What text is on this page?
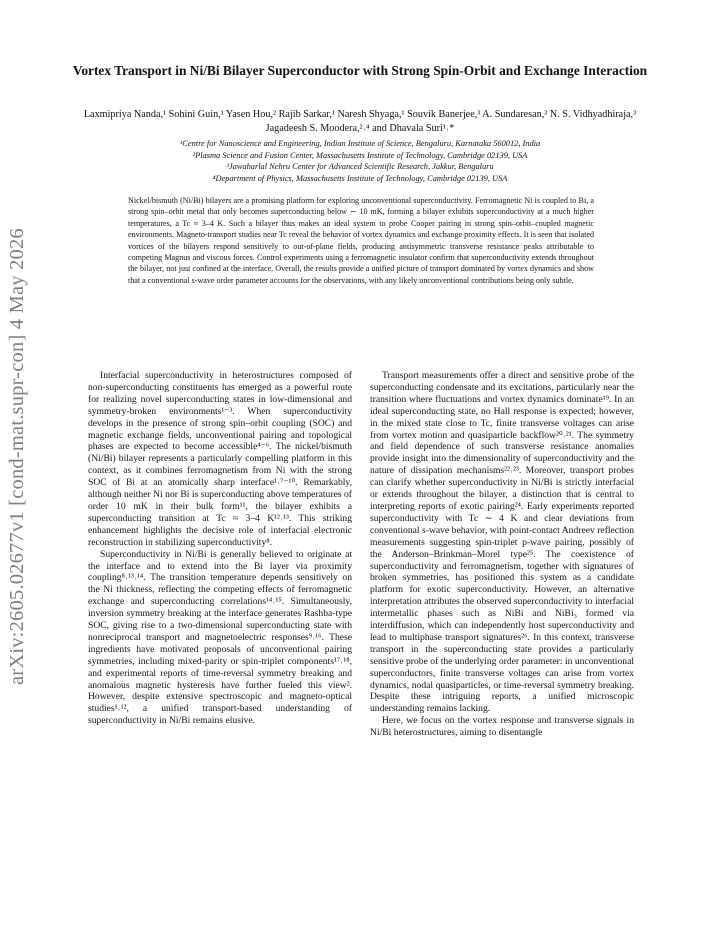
arXiv:2605.02677v1 [cond-mat.supr-con] 4 May 2026
Vortex Transport in Ni/Bi Bilayer Superconductor with Strong Spin-Orbit and Exchange Interaction
Laxmipriya Nanda,¹ Sohini Guin,¹ Yasen Hou,² Rajib Sarkar,¹ Naresh Shyaga,¹ Souvik Banerjee,³ A. Sundaresan,³ N. S. Vidhyadhiraja,³ Jagadeesh S. Moodera,²˒⁴ and Dhavala Suri¹˒*
¹Centre for Nanoscience and Engineering, Indian Institute of Science, Bengaluru, Karnataka 560012, India
²Plasma Science and Fusion Center, Massachusetts Institute of Technology, Cambridge 02139, USA
³Jawaharlal Nehru Center for Advanced Scientific Research, Jakkur, Bengaluru
⁴Department of Physics, Massachusetts Institute of Technology, Cambridge 02139, USA
Nickel/bismuth (Ni/Bi) bilayers are a promising platform for exploring unconventional superconductivity. Ferromagnetic Ni is coupled to Bi, a strong spin–orbit metal that only becomes superconducting below ∼ 10 mK, forming a bilayer exhibits superconductivity at a much higher temperatures, a Tc ≈ 3–4 K. Such a bilayer thus makes an ideal system to probe Cooper pairing in strong spin–orbit–coupled magnetic environments. Magneto-transport studies near Tc reveal the behavior of vortex dynamics and exchange proximity effects. It is seen that isolated vortices of the bilayers respond sensitively to out-of-plane fields, producing antisymmetric transverse resistance peaks attributable to competing Magnus and viscous forces. Control experiments using a ferromagnetic insulator confirm that superconductivity extends throughout the bilayer, not just confined at the interface. Overall, the results provide a unified picture of transport dominated by vortex dynamics and show that a conventional s-wave order parameter accounts for the observations, with any likely unconventional contributions being only subtle.

Interfacial superconductivity in heterostructures composed of non-superconducting constituents has emerged as a powerful route for realizing novel superconducting states in low-dimensional and symmetry-broken environments¹⁻³. When superconductivity develops in the presence of strong spin–orbit coupling (SOC) and magnetic exchange fields, unconventional pairing and topological phases are expected to become accessible⁴⁻⁶. The nickel/bismuth (Ni/Bi) bilayer represents a particularly compelling platform in this context, as it combines ferromagnetism from Ni with the strong SOC of Bi at an atomically sharp interface¹˒⁷⁻¹⁰. Remarkably, although neither Ni nor Bi is superconducting above temperatures of order 10 mK in their bulk form¹¹, the bilayer exhibits a superconducting transition at Tc ≈ 3–4 K¹²˒¹³. This striking enhancement highlights the decisive role of interfacial electronic reconstruction in stabilizing superconductivity⁸.

Superconductivity in Ni/Bi is generally believed to originate at the interface and to extend into the Bi layer via proximity coupling⁸˒¹³˒¹⁴. The transition temperature depends sensitively on the Ni thickness, reflecting the competing effects of ferromagnetic exchange and superconducting correlations¹⁴˒¹⁵. Simultaneously, inversion symmetry breaking at the interface generates Rashba-type SOC, giving rise to a two-dimensional superconducting state with nonreciprocal transport and magnetoelectric responses⁹˒¹⁶. These ingredients have motivated proposals of unconventional pairing symmetries, including mixed-parity or spin-triplet components¹⁷˒¹⁸, and experimental reports of time-reversal symmetry breaking and anomalous magnetic hysteresis have further fueled this view². However, despite extensive spectroscopic and magneto-optical studies¹˒¹², a unified transport-based understanding of superconductivity in Ni/Bi remains elusive.

Transport measurements offer a direct and sensitive probe of the superconducting condensate and its excitations, particularly near the transition where fluctuations and vortex dynamics dominate¹⁹. In an ideal superconducting state, no Hall response is expected; however, in the mixed state close to Tc, finite transverse voltages can arise from vortex motion and quasiparticle backflow²⁰˒²¹. The symmetry and field dependence of such transverse resistance anomalies provide insight into the dimensionality of superconductivity and the nature of dissipation mechanisms²²˒²³. Moreover, transport probes can clarify whether superconductivity in Ni/Bi is strictly interfacial or extends throughout the bilayer, a distinction that is central to interpreting reports of exotic pairing²⁴. Early experiments reported superconductivity with Tc ∼ 4 K and clear deviations from conventional s-wave behavior, with point-contact Andreev reflection measurements suggesting spin-triplet p-wave pairing, possibly of the Anderson–Brinkman–Morel type²⁵. The coexistence of superconductivity and ferromagnetism, together with signatures of broken symmetries, has positioned this system as a candidate platform for exotic superconductivity. However, an alternative interpretation attributes the observed superconductivity to interfacial intermetallic phases such as NiBi and NiBi₃ formed via interdiffusion, which can independently host superconductivity and lead to multiphase transport signatures²⁶. In this context, transverse transport in the superconducting state provides a particularly sensitive probe of the underlying order parameter: in unconventional superconductors, finite transverse voltages can arise from vortex dynamics, nodal quasiparticles, or time-reversal symmetry breaking. Despite these intriguing reports, a unified microscopic understanding remains lacking.

Here, we focus on the vortex response and transverse signals in Ni/Bi heterostructures, aiming to disentangle
